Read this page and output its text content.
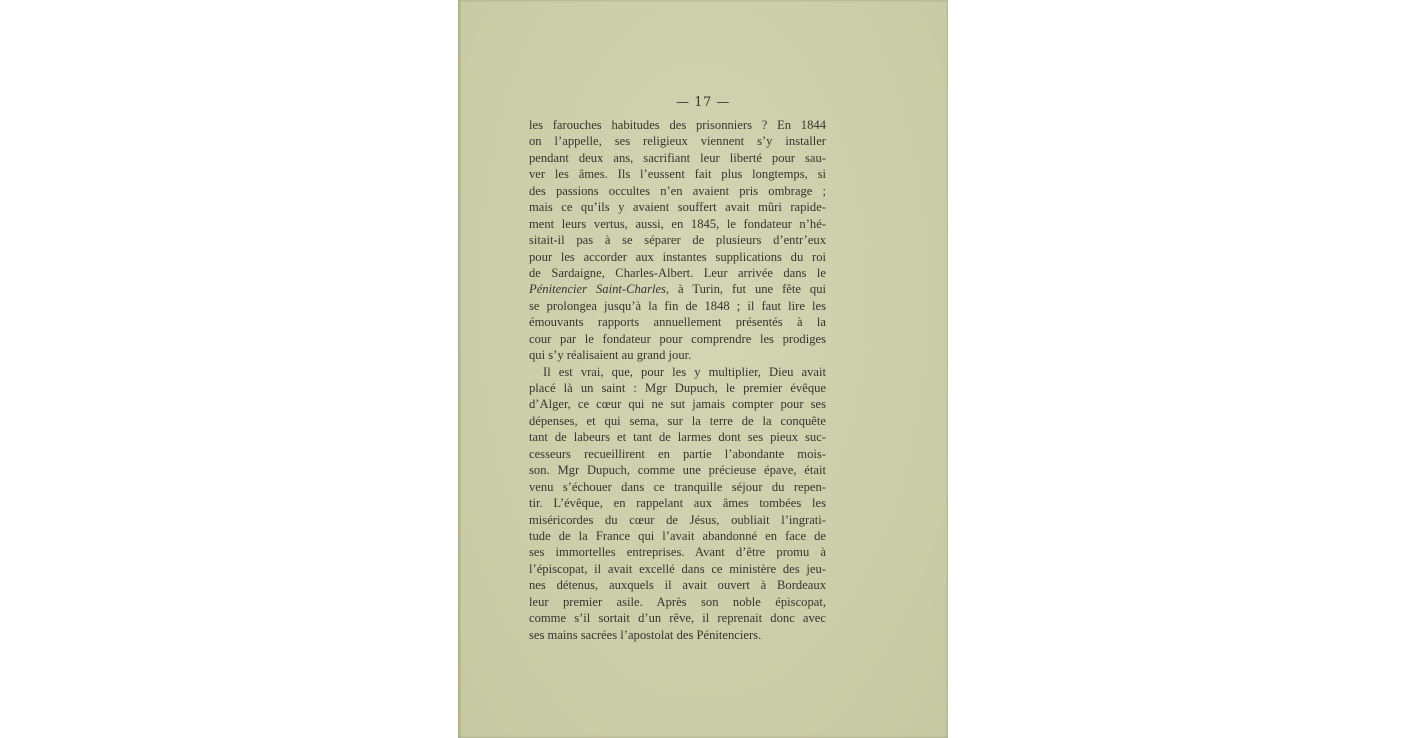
— 17 —
les farouches habitudes des prisonniers ? En 1844
on l’appelle, ses religieux viennent s’y installer
pendant deux ans, sacrifiant leur liberté pour sau-
ver les âmes. Ils l’eussent fait plus longtemps, si
des passions occultes n’en avaient pris ombrage ;
mais ce qu’ils y avaient souffert avait mûri rapide-
ment leurs vertus, aussi, en 1845, le fondateur n’hé-
sitait-il pas à se séparer de plusieurs d’entr’eux
pour les accorder aux instantes supplications du roi
de Sardaigne, Charles-Albert. Leur arrivée dans le
Pénitencier Saint-Charles, à Turin, fut une fête qui
se prolongea jusqu’à la fin de 1848 ; il faut lire les
émouvants rapports annuellement présentés à la
cour par le fondateur pour comprendre les prodiges
qui s’y réalisaient au grand jour.
Il est vrai, que, pour les y multiplier, Dieu avait
placé là un saint : Mgr Dupuch, le premier évêque
d’Alger, ce cœur qui ne sut jamais compter pour ses
dépenses, et qui sema, sur la terre de la conquête
tant de labeurs et tant de larmes dont ses pieux suc-
cesseurs recueillirent en partie l’abondante mois-
son. Mgr Dupuch, comme une précieuse épave, était
venu s’échouer dans ce tranquille séjour du repen-
tir. L’évêque, en rappelant aux âmes tombées les
miséricordes du cœur de Jésus, oubliait l’ingrati-
tude de la France qui l’avait abandonné en face de
ses immortelles entreprises. Avant d’être promu à
l’épiscopat, il avait excellé dans ce ministère des jeu-
nes détenus, auxquels il avait ouvert à Bordeaux
leur premier asile. Après son noble épiscopat,
comme s’il sortait d’un rêve, il reprenait donc avec
ses mains sacrées l’apostolat des Pénitenciers.
